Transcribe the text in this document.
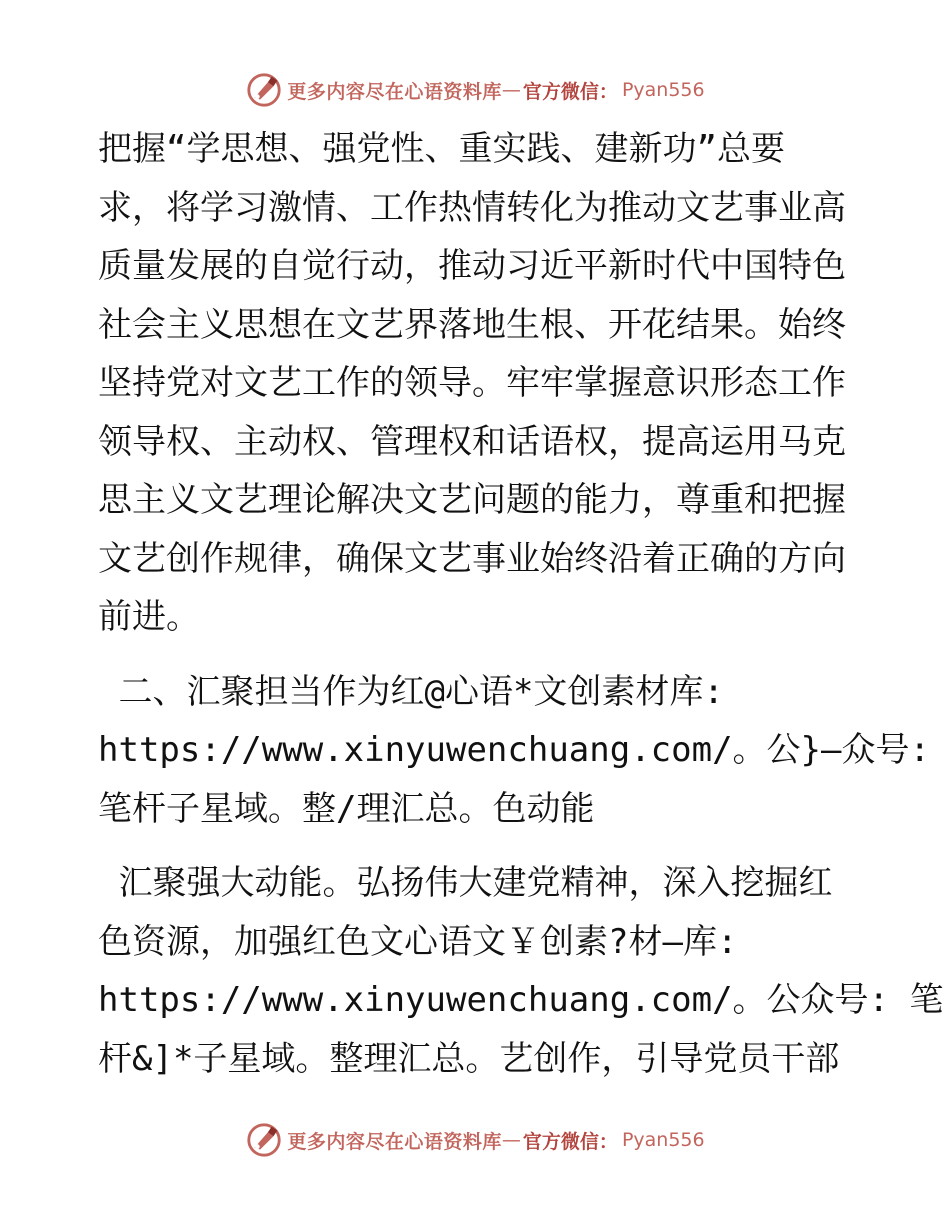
更多内容尽在心语资料库 — 官方微信： Pyan556
把握“学思想、强党性、重实践、建新功”总要
求，将学习激情、工作热情转化为推动文艺事业高
质量发展的自觉行动，推动习近平新时代中国特色
社会主义思想在文艺界落地生根、开花结果。始终
坚持党对文艺工作的领导。牢牢掌握意识形态工作
领导权、主动权、管理权和话语权，提高运用马克
思主义文艺理论解决文艺问题的能力，尊重和把握
文艺创作规律，确保文艺事业始终沿着正确的方向
前进。
二、汇聚担当作为红@心语*文创素材库:
https://www.xinyuwenchuang.com/。公}—众号:
笔杆子星域。整/理汇总。色动能
汇聚强大动能。弘扬伟大建党精神，深入挖掘红
色资源，加强红色文心语文￥创素?材—库:
https://www.xinyuwenchuang.com/。公众号: 笔
杆&]*子星域。整理汇总。艺创作，引导党员干部
更多内容尽在心语资料库 — 官方微信： Pyan556
